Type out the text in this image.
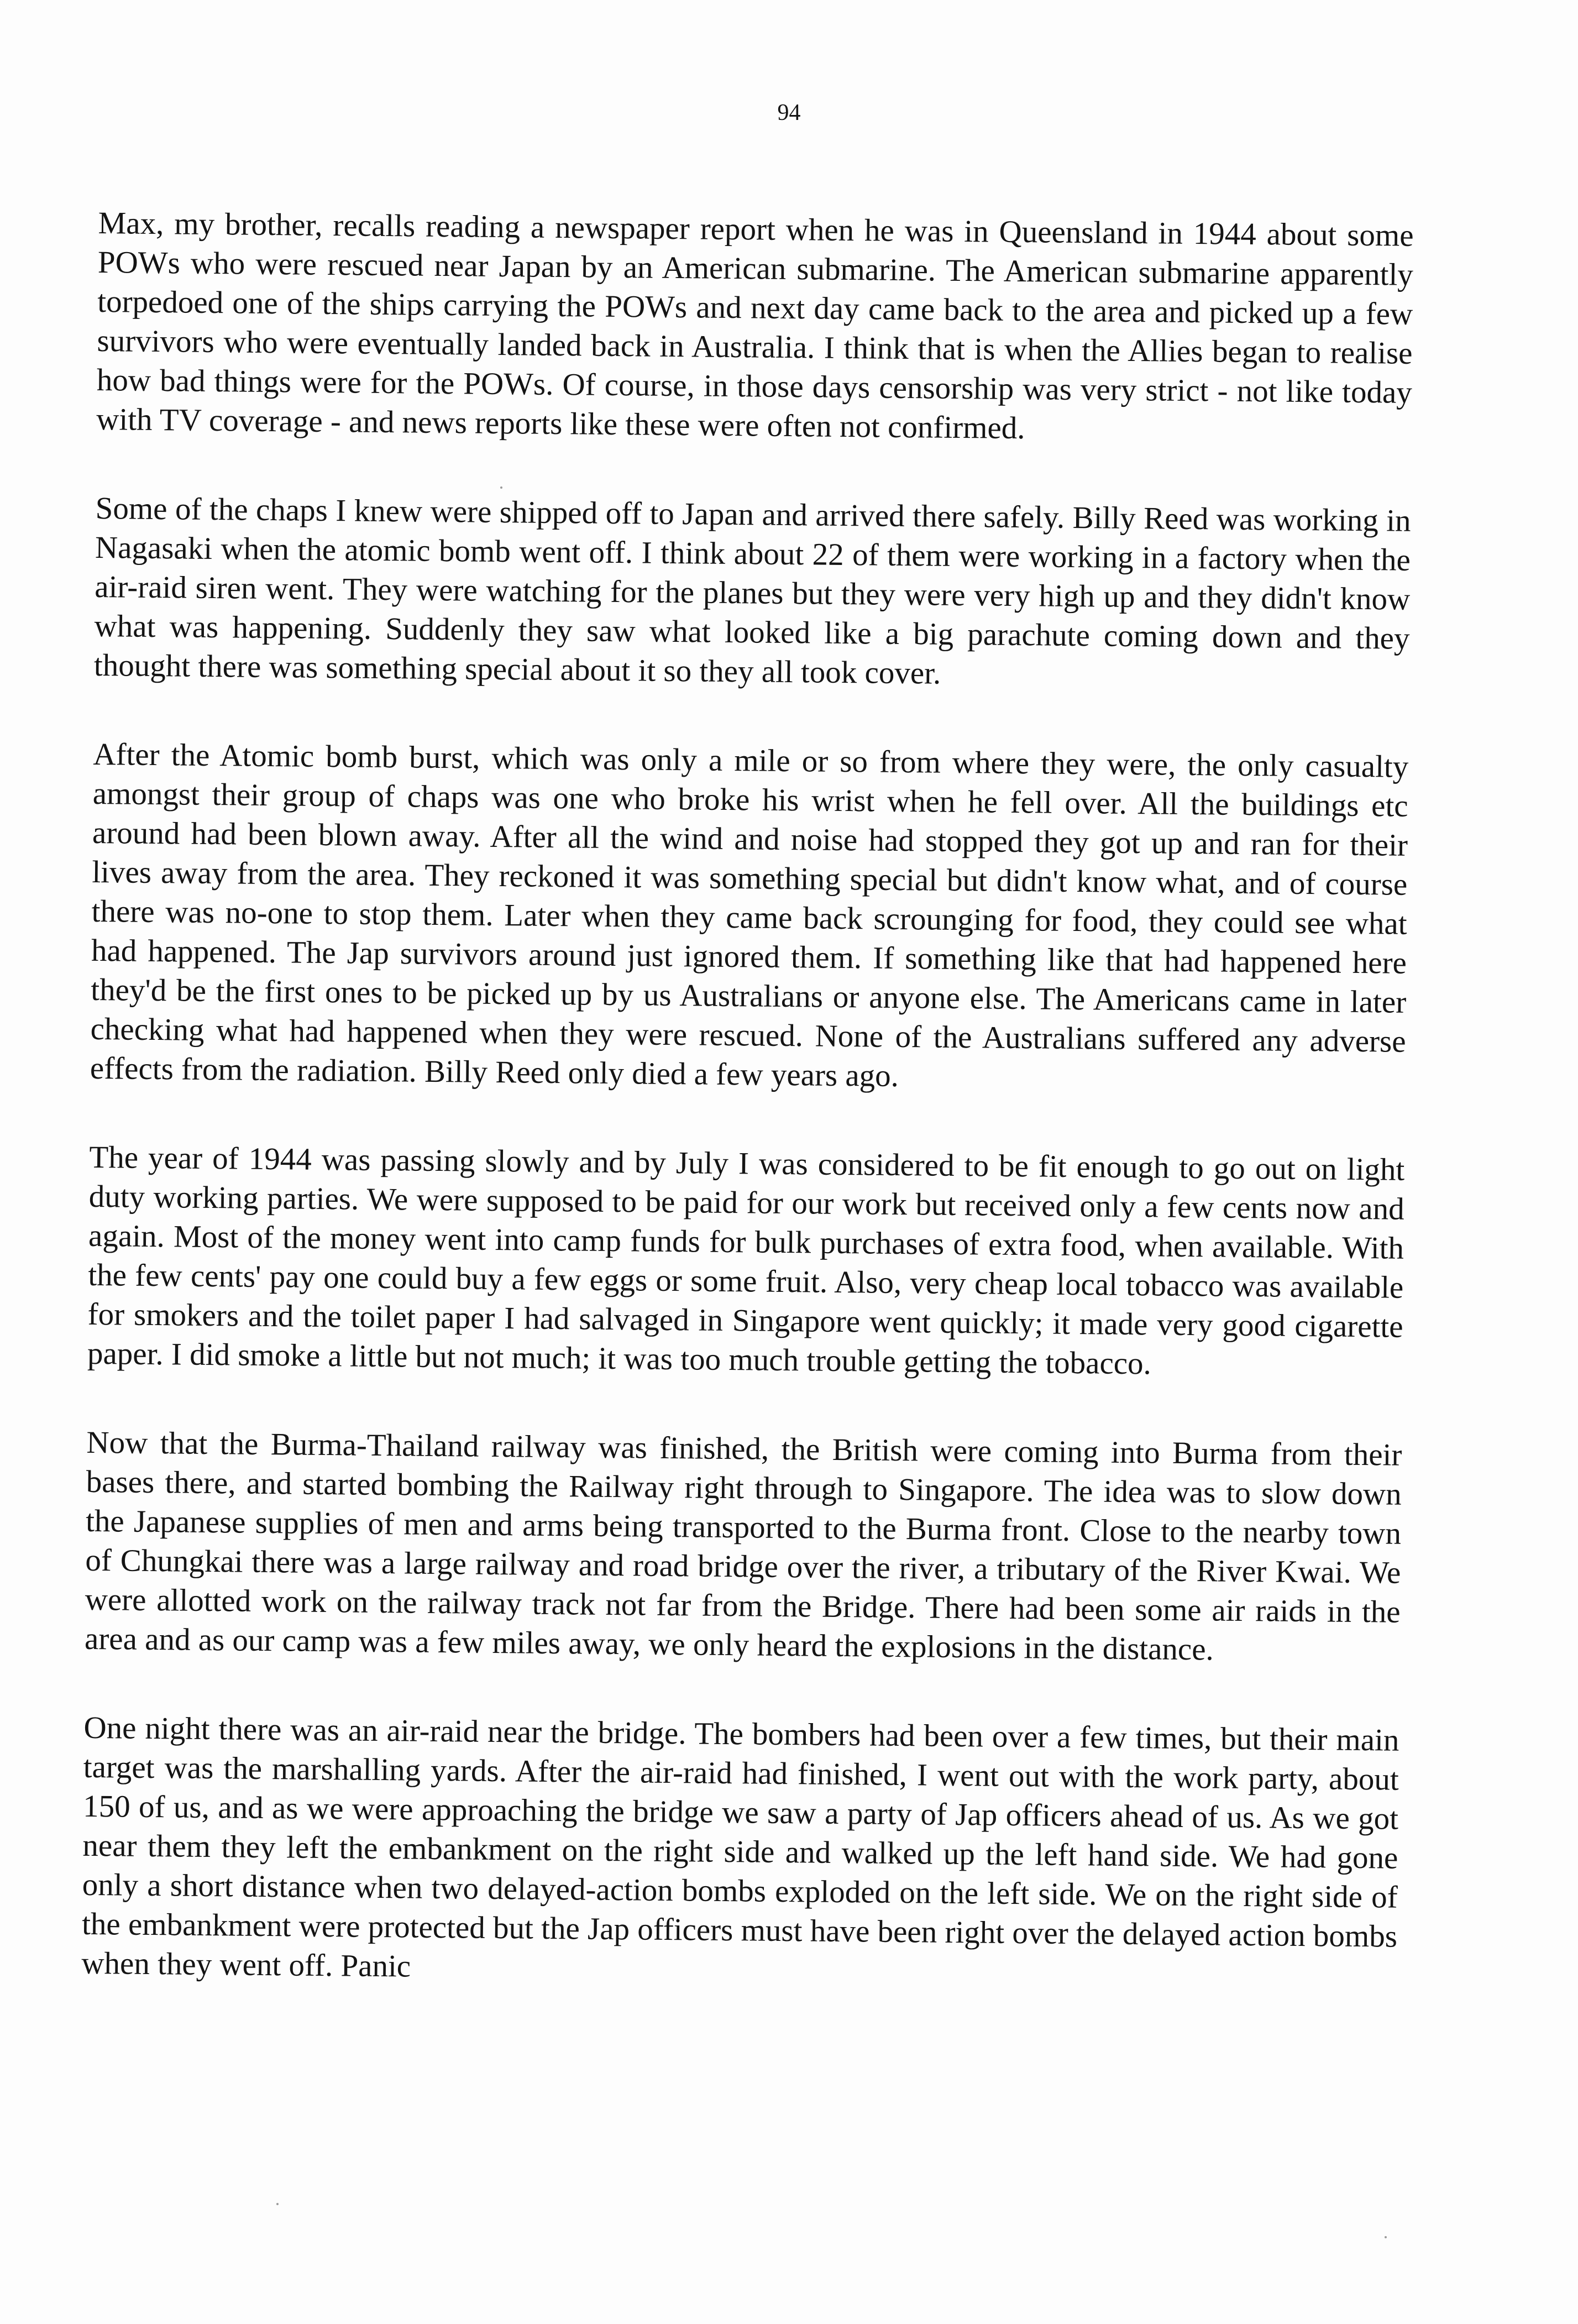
94

Max, my brother, recalls reading a newspaper report when he was in Queensland in 1944 about some POWs who were rescued near Japan by an American submarine. The American submarine apparently torpedoed one of the ships carrying the POWs and next day came back to the area and picked up a few survivors who were eventually landed back in Australia. I think that is when the Allies began to realise how bad things were for the POWs. Of course, in those days censorship was very strict - not like today with TV coverage - and news reports like these were often not confirmed.

Some of the chaps I knew were shipped off to Japan and arrived there safely. Billy Reed was working in Nagasaki when the atomic bomb went off. I think about 22 of them were working in a factory when the air-raid siren went. They were watching for the planes but they were very high up and they didn't know what was happening. Suddenly they saw what looked like a big parachute coming down and they thought there was something special about it so they all took cover.

After the Atomic bomb burst, which was only a mile or so from where they were, the only casualty amongst their group of chaps was one who broke his wrist when he fell over. All the buildings etc around had been blown away. After all the wind and noise had stopped they got up and ran for their lives away from the area. They reckoned it was something special but didn't know what, and of course there was no-one to stop them. Later when they came back scrounging for food, they could see what had happened. The Jap survivors around just ignored them. If something like that had happened here they'd be the first ones to be picked up by us Australians or anyone else. The Americans came in later checking what had happened when they were rescued. None of the Australians suffered any adverse effects from the radiation. Billy Reed only died a few years ago.

The year of 1944 was passing slowly and by July I was considered to be fit enough to go out on light duty working parties. We were supposed to be paid for our work but received only a few cents now and again. Most of the money went into camp funds for bulk purchases of extra food, when available. With the few cents' pay one could buy a few eggs or some fruit. Also, very cheap local tobacco was available for smokers and the toilet paper I had salvaged in Singapore went quickly; it made very good cigarette paper. I did smoke a little but not much; it was too much trouble getting the tobacco.

Now that the Burma-Thailand railway was finished, the British were coming into Burma from their bases there, and started bombing the Railway right through to Singapore. The idea was to slow down the Japanese supplies of men and arms being transported to the Burma front. Close to the nearby town of Chungkai there was a large railway and road bridge over the river, a tributary of the River Kwai. We were allotted work on the railway track not far from the Bridge. There had been some air raids in the area and as our camp was a few miles away, we only heard the explosions in the distance.

One night there was an air-raid near the bridge. The bombers had been over a few times, but their main target was the marshalling yards. After the air-raid had finished, I went out with the work party, about 150 of us, and as we were approaching the bridge we saw a party of Jap officers ahead of us. As we got near them they left the embankment on the right side and walked up the left hand side. We had gone only a short distance when two delayed-action bombs exploded on the left side. We on the right side of the embankment were protected but the Jap officers must have been right over the delayed action bombs when they went off. Panic
